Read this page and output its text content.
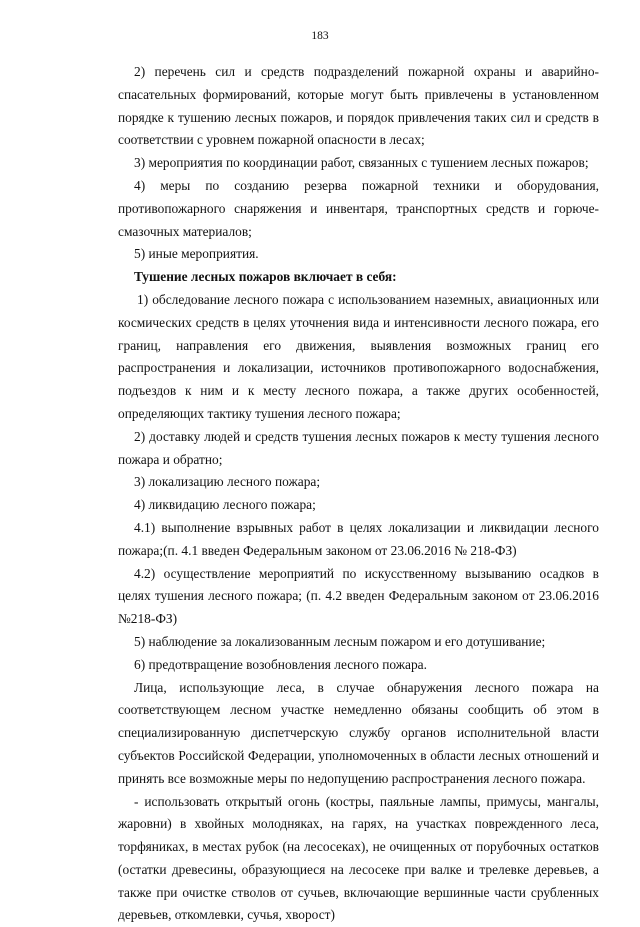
183

2) перечень сил и средств подразделений пожарной охраны и аварийно-спасательных формирований, которые могут быть привлечены в установленном порядке к тушению лесных пожаров, и порядок привлечения таких сил и средств в соответствии с уровнем пожарной опасности в лесах;

3) мероприятия по координации работ, связанных с тушением лесных пожаров;

4) меры по созданию резерва пожарной техники и оборудования, противопожарного снаряжения и инвентаря, транспортных средств и горюче-смазочных материалов;

5) иные мероприятия.

Тушение лесных пожаров включает в себя:

1) обследование лесного пожара с использованием наземных, авиационных или космических средств в целях уточнения вида и интенсивности лесного пожара, его границ, направления его движения, выявления возможных границ его распространения и локализации, источников противопожарного водоснабжения, подъездов к ним и к месту лесного пожара, а также других особенностей, определяющих тактику тушения лесного пожара;

2) доставку людей и средств тушения лесных пожаров к месту тушения лесного пожара и обратно;

3) локализацию лесного пожара;

4) ликвидацию лесного пожара;

4.1) выполнение взрывных работ в целях локализации и ликвидации лесного пожара;(п. 4.1 введен Федеральным законом от 23.06.2016 № 218-ФЗ)

4.2) осуществление мероприятий по искусственному вызыванию осадков в целях тушения лесного пожара; (п. 4.2 введен Федеральным законом от 23.06.2016 №218-ФЗ)

5) наблюдение за локализованным лесным пожаром и его дотушивание;

6) предотвращение возобновления лесного пожара.

Лица, использующие леса, в случае обнаружения лесного пожара на соответствующем лесном участке немедленно обязаны сообщить об этом в специализированную диспетчерскую службу органов исполнительной власти субъектов Российской Федерации, уполномоченных в области лесных отношений и принять все возможные меры по недопущению распространения лесного пожара.

- использовать открытый огонь (костры, паяльные лампы, примусы, мангалы, жаровни) в хвойных молодняках, на гарях, на участках поврежденного леса, торфяниках, в местах рубок (на лесосеках), не очищенных от порубочных остатков (остатки древесины, образующиеся на лесосеке при валке и трелевке деревьев, а также при очистке стволов от сучьев, включающие вершинные части срубленных деревьев, откомлевки, сучья, хворост)
